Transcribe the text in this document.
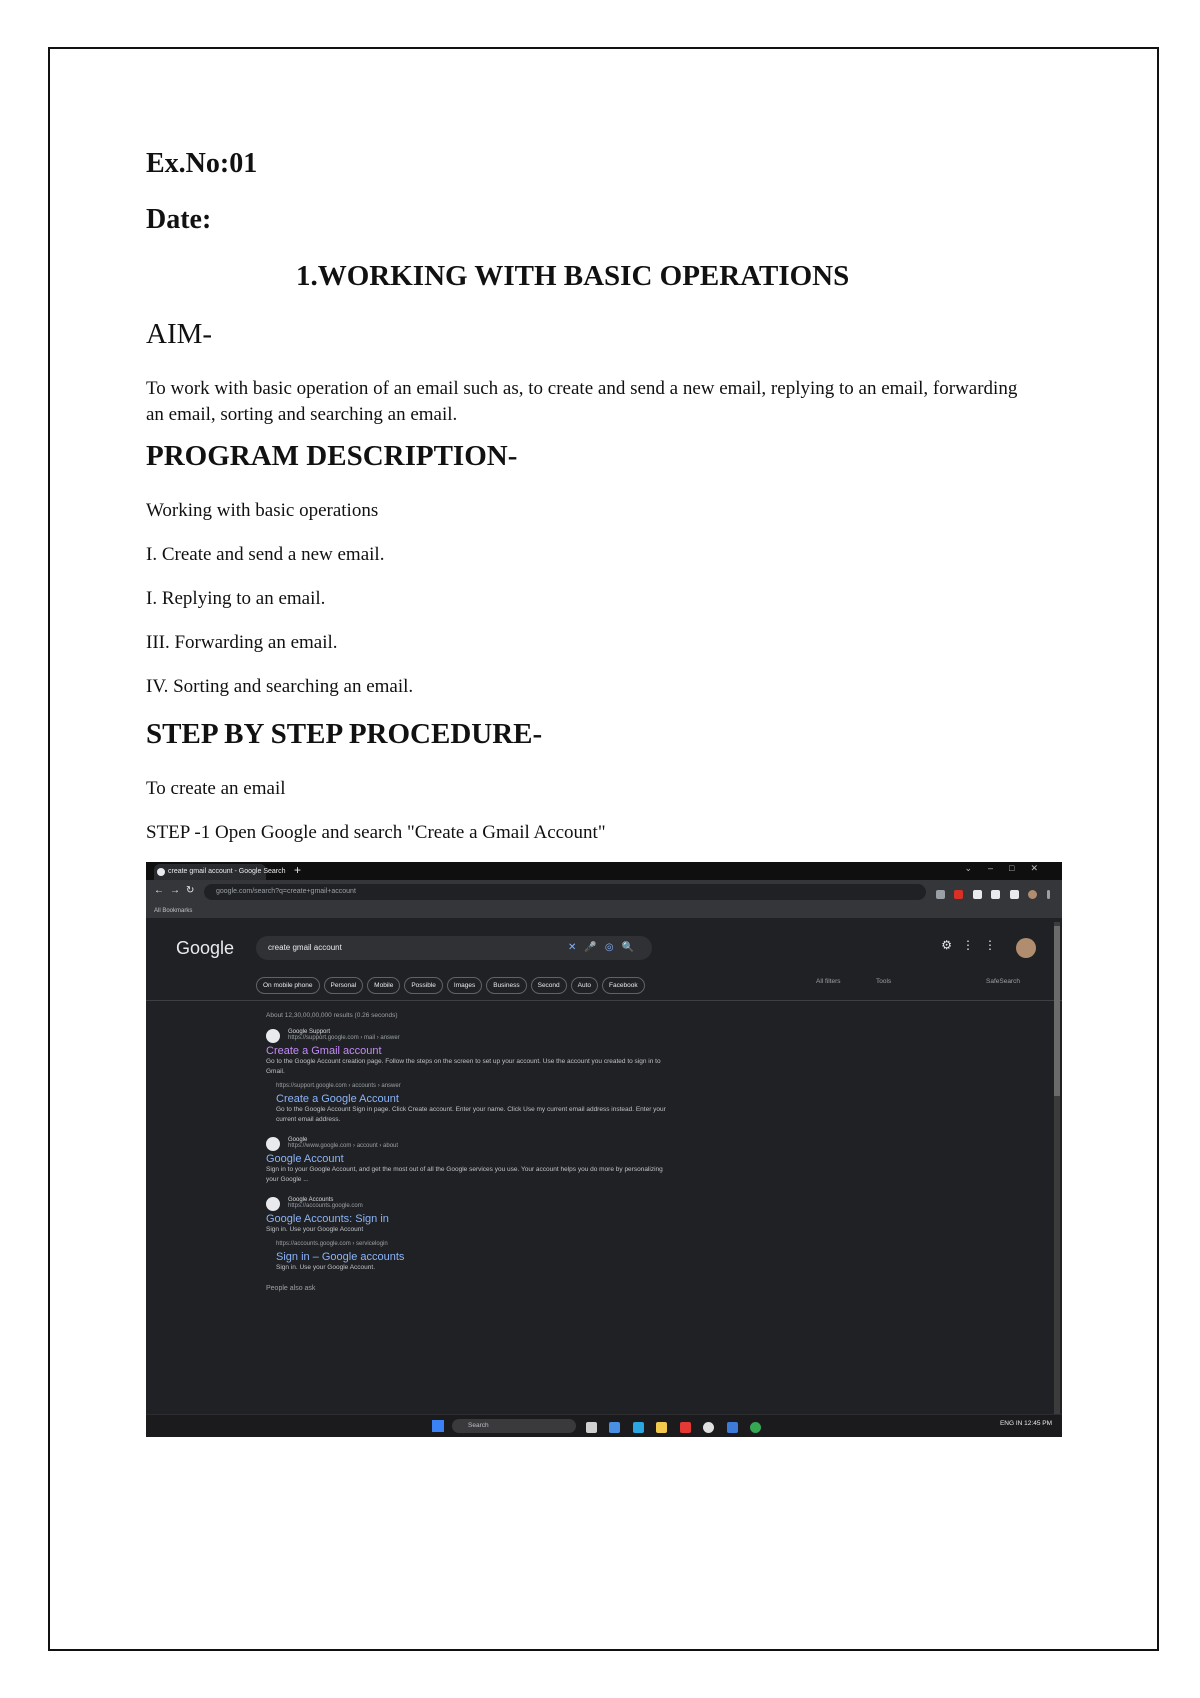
Ex.No:01
Date:
1.WORKING WITH BASIC OPERATIONS
AIM-

To work with basic operation of an email such as, to create and send a new email, replying to an email, forwarding an email, sorting and searching an email.

PROGRAM DESCRIPTION-

Working with basic operations

I. Create and send a new email.

I. Replying to an email.

III. Forwarding an email.

IV. Sorting and searching an email.

STEP BY STEP PROCEDURE-

To create an email

STEP -1 Open Google and search "Create a Gmail Account"

create gmail account - Google Search +	⌄–□✕
←→↻	google.com/search?q=create+gmail+account

All Bookmarks
Google	create gmail account	✕🎤◎🔍	⚙⋮⋮
On mobile phone	Personal	Mobile	Possible	Images	Business	Second	Auto	Facebook
All filters	Tools	SafeSearch
About 12,30,00,00,000 results (0.26 seconds)
Google Support
https://support.google.com › mail › answer
Create a Gmail account
Go to the Google Account creation page. Follow the steps on the screen to set up your account. Use the account you created to sign in to Gmail.
https://support.google.com › accounts › answer
Create a Google Account
Go to the Google Account Sign in page. Click Create account. Enter your name. Click Use my current email address instead. Enter your current email address.
Google
https://www.google.com › account › about
Google Account
Sign in to your Google Account, and get the most out of all the Google services you use. Your account helps you do more by personalizing your Google ...
Google Accounts
https://accounts.google.com
Google Accounts: Sign in
Sign in. Use your Google Account
https://accounts.google.com › servicelogin
Sign in – Google accounts
Sign in. Use your Google Account.
People also ask
Search
	ENG IN 12:45 PM
